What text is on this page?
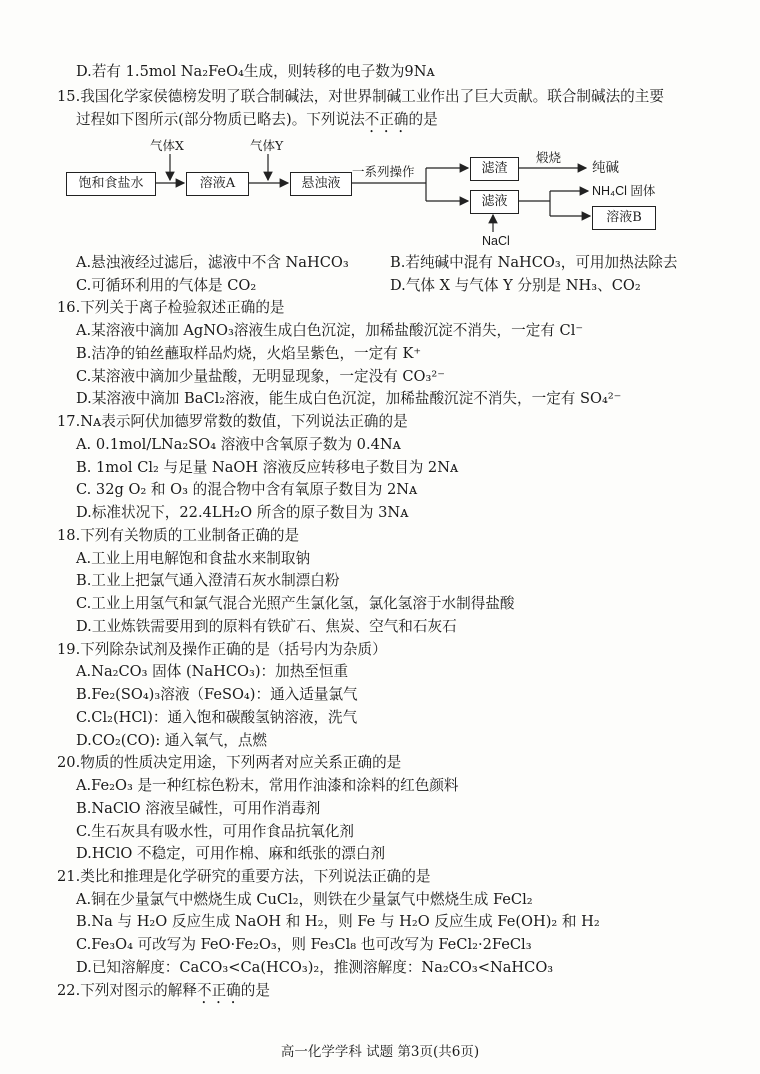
D.若有 1.5mol Na₂FeO₄生成，则转移的电子数为9Nᴀ
15.我国化学家侯德榜发明了联合制碱法，对世界制碱工业作出了巨大贡献。联合制碱法的主要
过程如下图所示(部分物质已略去)。下列说法不正确的是
饱和食盐水	溶液A	悬浊液
滤渣
滤液
溶液B
气体X	气体Y
一系列操作
煅烧
纯碱
NH₄Cl 固体
NaCl
A.悬浊液经过滤后，滤液中不含 NaHCO₃	B.若纯碱中混有 NaHCO₃，可用加热法除去
C.可循环利用的气体是 CO₂	D.气体 X 与气体 Y 分别是 NH₃、CO₂
16.下列关于离子检验叙述正确的是
A.某溶液中滴加 AgNO₃溶液生成白色沉淀，加稀盐酸沉淀不消失，一定有 Cl⁻
B.洁净的铂丝蘸取样品灼烧，火焰呈紫色，一定有 K⁺
C.某溶液中滴加少量盐酸，无明显现象，一定没有 CO₃²⁻
D.某溶液中滴加 BaCl₂溶液，能生成白色沉淀，加稀盐酸沉淀不消失，一定有 SO₄²⁻
17.Nᴀ表示阿伏加德罗常数的数值，下列说法正确的是
A. 0.1mol/LNa₂SO₄ 溶液中含氧原子数为 0.4Nᴀ
B. 1mol Cl₂ 与足量 NaOH 溶液反应转移电子数目为 2Nᴀ
C. 32g O₂ 和 O₃ 的混合物中含有氧原子数目为 2Nᴀ
D.标准状况下，22.4LH₂O 所含的原子数目为 3Nᴀ
18.下列有关物质的工业制备正确的是
A.工业上用电解饱和食盐水来制取钠
B.工业上把氯气通入澄清石灰水制漂白粉
C.工业上用氢气和氯气混合光照产生氯化氢，氯化氢溶于水制得盐酸
D.工业炼铁需要用到的原料有铁矿石、焦炭、空气和石灰石
19.下列除杂试剂及操作正确的是（括号内为杂质）
A.Na₂CO₃ 固体 (NaHCO₃)：加热至恒重
B.Fe₂(SO₄)₃溶液（FeSO₄)：通入适量氯气
C.Cl₂(HCl)：通入饱和碳酸氢钠溶液，洗气
D.CO₂(CO): 通入氧气，点燃
20.物质的性质决定用途，下列两者对应关系正确的是
A.Fe₂O₃ 是一种红棕色粉末，常用作油漆和涂料的红色颜料
B.NaClO 溶液呈碱性，可用作消毒剂
C.生石灰具有吸水性，可用作食品抗氧化剂
D.HClO 不稳定，可用作棉、麻和纸张的漂白剂
21.类比和推理是化学研究的重要方法，下列说法正确的是
A.铜在少量氯气中燃烧生成 CuCl₂，则铁在少量氯气中燃烧生成 FeCl₂
B.Na 与 H₂O 反应生成 NaOH 和 H₂，则 Fe 与 H₂O 反应生成 Fe(OH)₂ 和 H₂
C.Fe₃O₄ 可改写为 FeO·Fe₂O₃，则 Fe₃Cl₈ 也可改写为 FeCl₂·2FeCl₃
D.已知溶解度：CaCO₃<Ca(HCO₃)₂，推测溶解度：Na₂CO₃<NaHCO₃
22.下列对图示的解释不正确的是
高一化学学科 试题 第3页(共6页)
